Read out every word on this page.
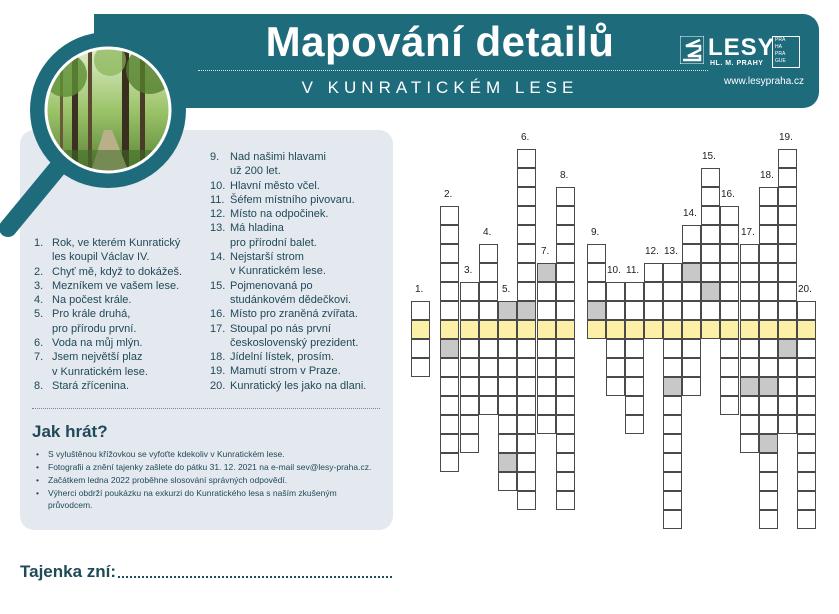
Mapování detailů
V KUNRATICKÉM LESE
LESY
HL. M. PRAHY
PRA
HA
PRA
GUE
www.lesypraha.cz
1. Rok, ve kterém Kunratický
les koupil Václav IV.
2. Chyť mě, když to dokážeš.
3. Mezníkem ve vašem lese.
4. Na počest krále.
5. Pro krále druhá,
pro přírodu první.
6. Voda na můj mlýn.
7. Jsem největší plaz
v Kunratickém lese.
8. Stará zřícenina.
9. Nad našimi hlavami
už 200 let.
10. Hlavní město včel.
11. Šéfem místního pivovaru.
12. Místo na odpočinek.
13. Má hladina
pro přírodní balet.
14. Nejstarší strom
v Kunratickém lese.
15. Pojmenovaná po
studánkovém dědečkovi.
16. Místo pro zraněná zvířata.
17. Stoupal po nás první
československý prezident.
18. Jídelní lístek, prosím.
19. Mamutí strom v Praze.
20. Kunratický les jako na dlani.
Jak hrát?
• S vyluštěnou křížovkou se vyfoťte kdekoliv v Kunratickém lese.
• Fotografii a znění tajenky zašlete do pátku 31. 12. 2021 na e-mail sev@lesy-praha.cz.
• Začátkem ledna 2022 proběhne slosování správných odpovědí.
• Výherci obdrží poukázku na exkurzi do Kunratického lesa s naším zkušeným průvodcem.
Tajenka zní:
1.
2.
3.
4.
5.
6.
7.
8.
9.
10. 11.
12. 13.
14.
15.
16.
17.
18.
19.
20.
